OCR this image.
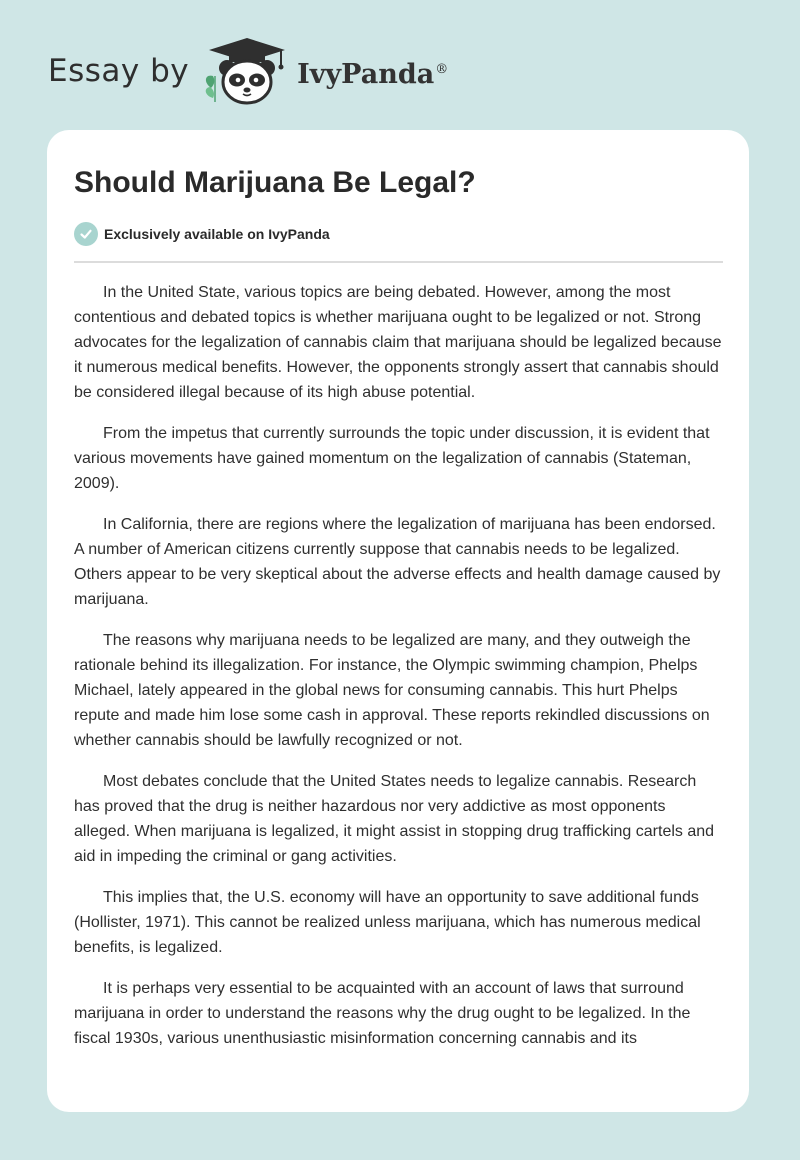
Essay by	IvyPanda®
Should Marijuana Be Legal?
Exclusively available on IvyPanda

In the United State, various topics are being debated. However, among the most contentious and debated topics is whether marijuana ought to be legalized or not. Strong advocates for the legalization of cannabis claim that marijuana should be legalized because it numerous medical benefits. However, the opponents strongly assert that cannabis should be considered illegal because of its high abuse potential.

From the impetus that currently surrounds the topic under discussion, it is evident that various movements have gained momentum on the legalization of cannabis (Stateman, 2009).

In California, there are regions where the legalization of marijuana has been endorsed. A number of American citizens currently suppose that cannabis needs to be legalized. Others appear to be very skeptical about the adverse effects and health damage caused by marijuana.

The reasons why marijuana needs to be legalized are many, and they outweigh the rationale behind its illegalization. For instance, the Olympic swimming champion, Phelps Michael, lately appeared in the global news for consuming cannabis. This hurt Phelps repute and made him lose some cash in approval. These reports rekindled discussions on whether cannabis should be lawfully recognized or not.

Most debates conclude that the United States needs to legalize cannabis. Research has proved that the drug is neither hazardous nor very addictive as most opponents alleged. When marijuana is legalized, it might assist in stopping drug trafficking cartels and aid in impeding the criminal or gang activities.

This implies that, the U.S. economy will have an opportunity to save additional funds (Hollister, 1971). This cannot be realized unless marijuana, which has numerous medical benefits, is legalized.

It is perhaps very essential to be acquainted with an account of laws that surround marijuana in order to understand the reasons why the drug ought to be legalized. In the fiscal 1930s, various unenthusiastic misinformation concerning cannabis and its
